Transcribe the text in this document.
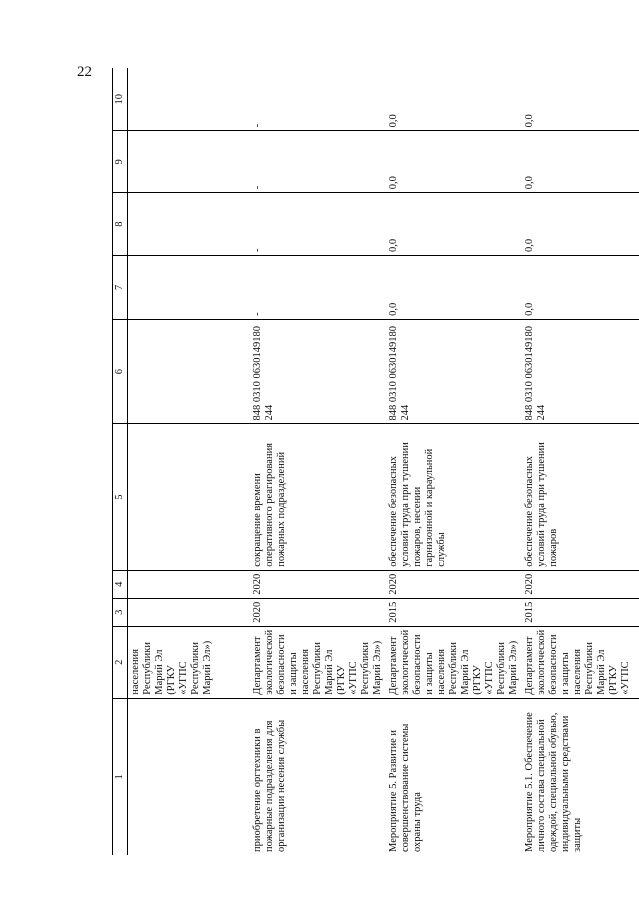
22
1	2	3	4	5	6	7	8	9	10
	населения Республики Марий Эл (РГКУ «УГПС Республики Марий Эл»)								
приобретение оргтехники в пожарные подразделения для организации несения службы	Департамент экологической безопасности и защиты населения Республики Марий Эл (РГКУ «УГПС Республики Марий Эл»)	2020	2020	сокращение времени оперативного реагирования пожарных подразделений	848 0310 0630149180 244	-	-	-	-
Мероприятие 5. Развитие и совершенствование системы охраны труда	Департамент экологической безопасности и защиты населения Республики Марий Эл (РГКУ «УГПС Республики Марий Эл»)	2015	2020	обеспечение безопасных условий труда при тушении пожаров, несении гарнизонной и караульной службы	848 0310 0630149180 244	0,0	0,0	0,0	0,0
Мероприятие 5.1. Обеспечение личного состава специальной одеждой, специальной обувью, индивидуальными средствами защиты	Департамент экологической безопасности и защиты населения Республики Марий Эл (РГКУ «УГПС	2015	2020	обеспечение безопасных условий труда при тушении пожаров	848 0310 0630149180 244	0,0	0,0	0,0	0,0
